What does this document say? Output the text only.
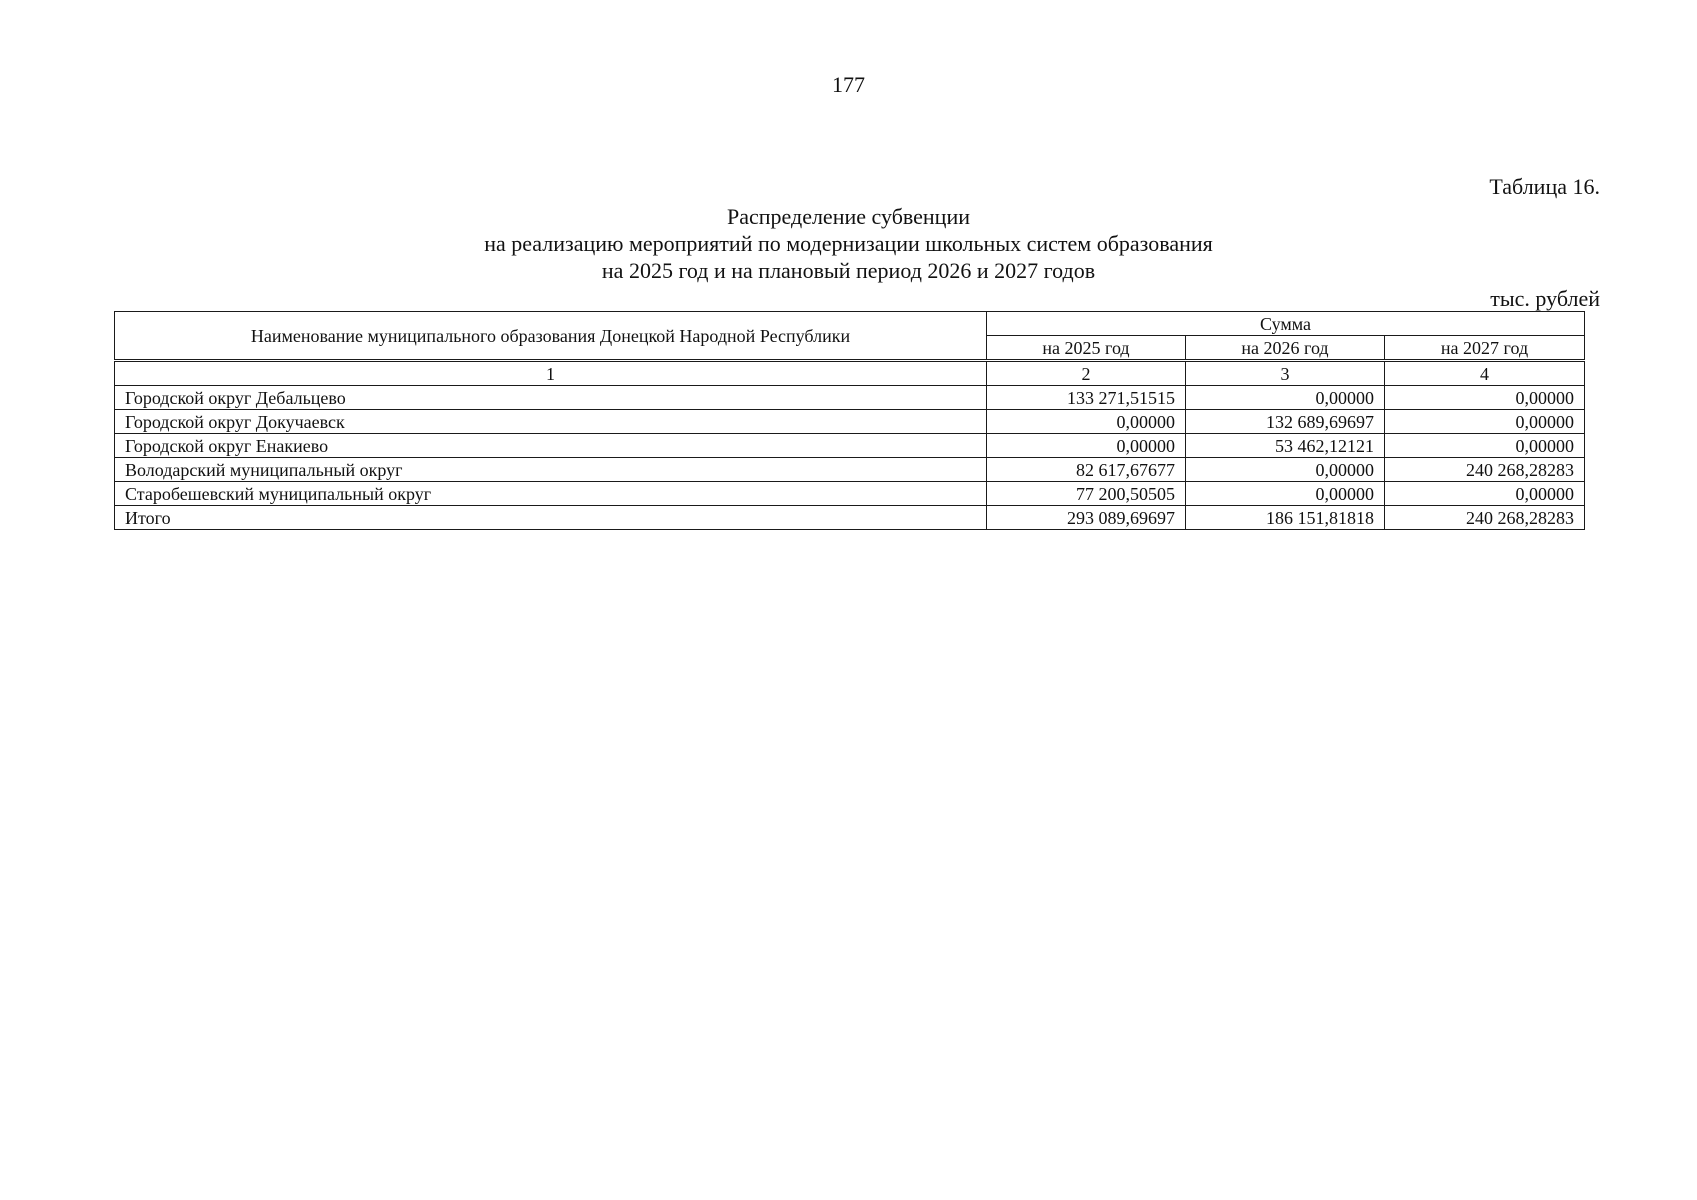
177
Таблица 16.
Распределение субвенции
на реализацию мероприятий по модернизации школьных систем образования
на 2025 год и на плановый период 2026 и 2027 годов
тыс. рублей
Наименование муниципального образования Донецкой Народной Республики	Сумма		
	на 2025 год	на 2026 год	на 2027 год
1	2	3	4
Городской округ Дебальцево	133 271,51515	0,00000	0,00000
Городской округ Докучаевск	0,00000	132 689,69697	0,00000
Городской округ Енакиево	0,00000	53 462,12121	0,00000
Володарский муниципальный округ	82 617,67677	0,00000	240 268,28283
Старобешевский муниципальный округ	77 200,50505	0,00000	0,00000
Итого	293 089,69697	186 151,81818	240 268,28283
